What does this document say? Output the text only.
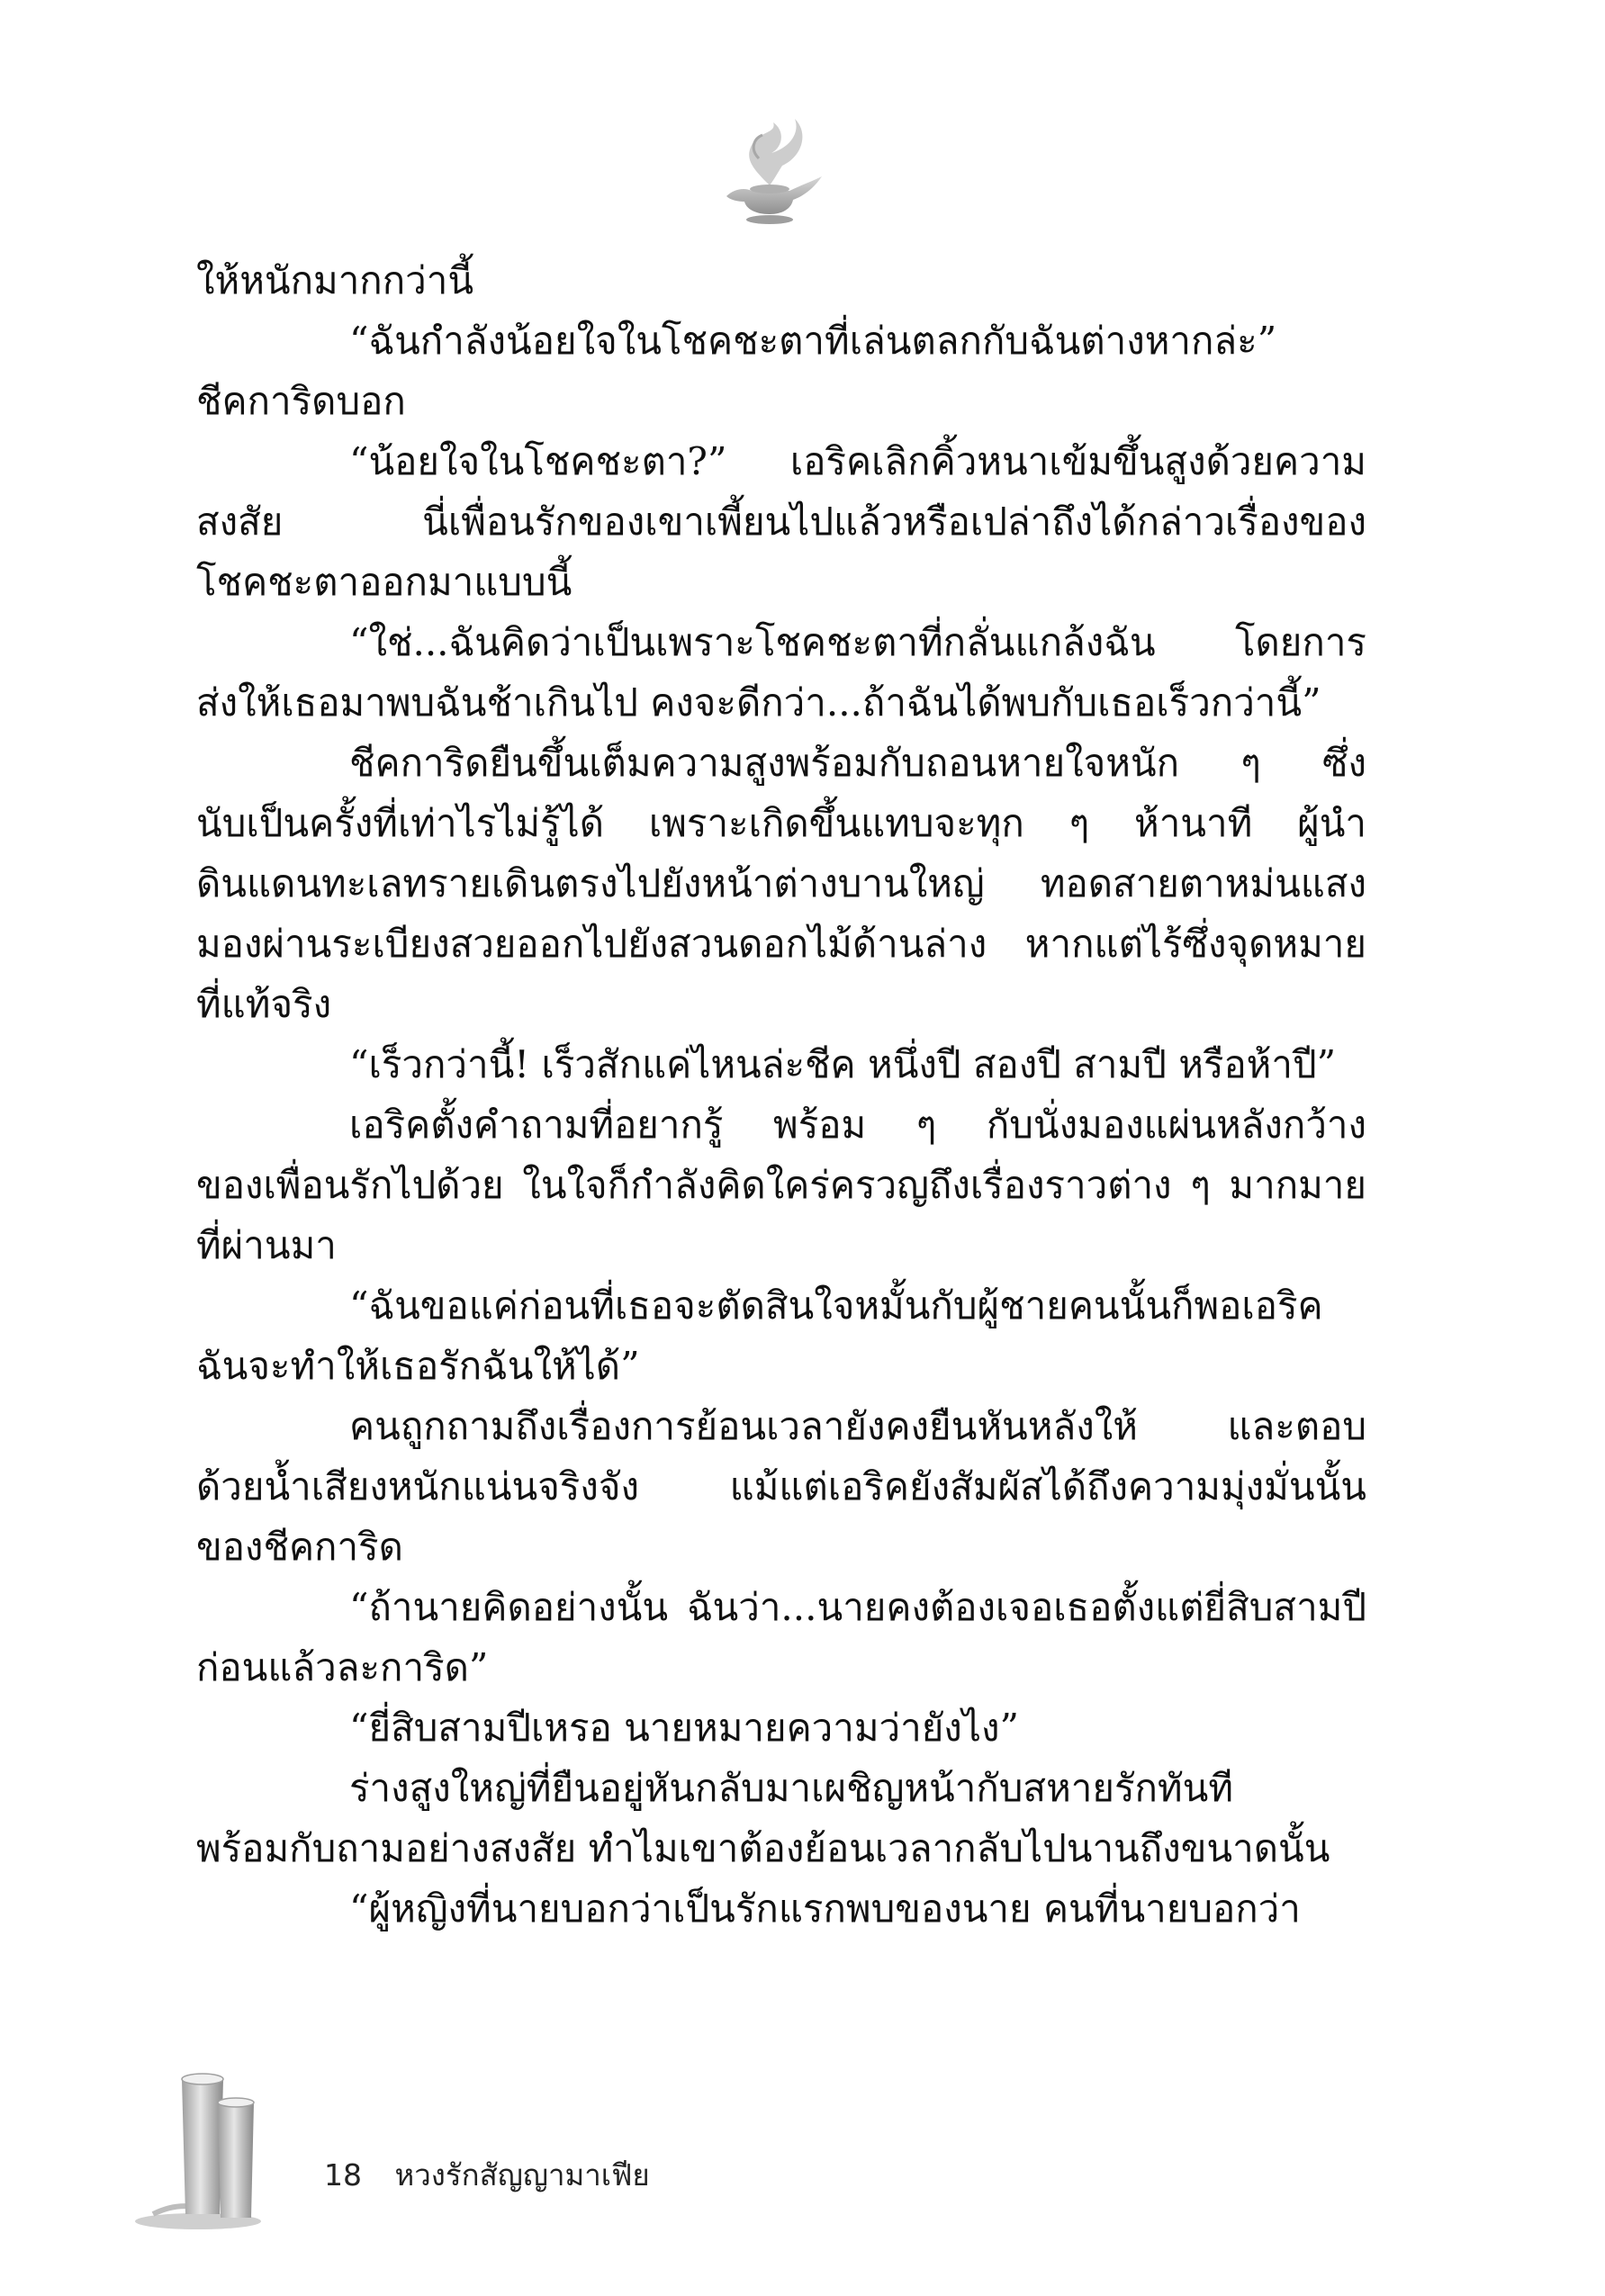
ให้หนักมากกว่านี้
“ฉันกำลังน้อยใจในโชคชะตาที่เล่นตลกกับฉันต่างหากล่ะ”
ชีคการิดบอก
“น้อยใจในโชคชะตา?” เอริคเลิกคิ้วหนาเข้มขึ้นสูงด้วยความ
สงสัย นี่เพื่อนรักของเขาเพี้ยนไปแล้วหรือเปล่าถึงได้กล่าวเรื่องของ
โชคชะตาออกมาแบบนี้
“ใช่...ฉันคิดว่าเป็นเพราะโชคชะตาที่กลั่นแกล้งฉัน โดยการ
ส่งให้เธอมาพบฉันช้าเกินไป คงจะดีกว่า...ถ้าฉันได้พบกับเธอเร็วกว่านี้”
ชีคการิดยืนขึ้นเต็มความสูงพร้อมกับถอนหายใจหนัก ๆ ซึ่ง
นับเป็นครั้งที่เท่าไรไม่รู้ได้ เพราะเกิดขึ้นแทบจะทุก ๆ ห้านาที ผู้นำ
ดินแดนทะเลทรายเดินตรงไปยังหน้าต่างบานใหญ่ ทอดสายตาหม่นแสง
มองผ่านระเบียงสวยออกไปยังสวนดอกไม้ด้านล่าง หากแต่ไร้ซึ่งจุดหมาย
ที่แท้จริง
“เร็วกว่านี้! เร็วสักแค่ไหนล่ะชีค หนึ่งปี สองปี สามปี หรือห้าปี”
เอริคตั้งคำถามที่อยากรู้ พร้อม ๆ กับนั่งมองแผ่นหลังกว้าง
ของเพื่อนรักไปด้วย ในใจก็กำลังคิดใคร่ครวญถึงเรื่องราวต่าง ๆ มากมาย
ที่ผ่านมา
“ฉันขอแค่ก่อนที่เธอจะตัดสินใจหมั้นกับผู้ชายคนนั้นก็พอเอริค
ฉันจะทำให้เธอรักฉันให้ได้”
คนถูกถามถึงเรื่องการย้อนเวลายังคงยืนหันหลังให้ และตอบ
ด้วยน้ำเสียงหนักแน่นจริงจัง แม้แต่เอริคยังสัมผัสได้ถึงความมุ่งมั่นนั้น
ของชีคการิด
“ถ้านายคิดอย่างนั้น ฉันว่า...นายคงต้องเจอเธอตั้งแต่ยี่สิบสามปี
ก่อนแล้วละการิด”
“ยี่สิบสามปีเหรอ นายหมายความว่ายังไง”
ร่างสูงใหญ่ที่ยืนอยู่หันกลับมาเผชิญหน้ากับสหายรักทันที
พร้อมกับถามอย่างสงสัย ทำไมเขาต้องย้อนเวลากลับไปนานถึงขนาดนั้น
“ผู้หญิงที่นายบอกว่าเป็นรักแรกพบของนาย คนที่นายบอกว่า
18 หวงรักสัญญามาเฟีย
